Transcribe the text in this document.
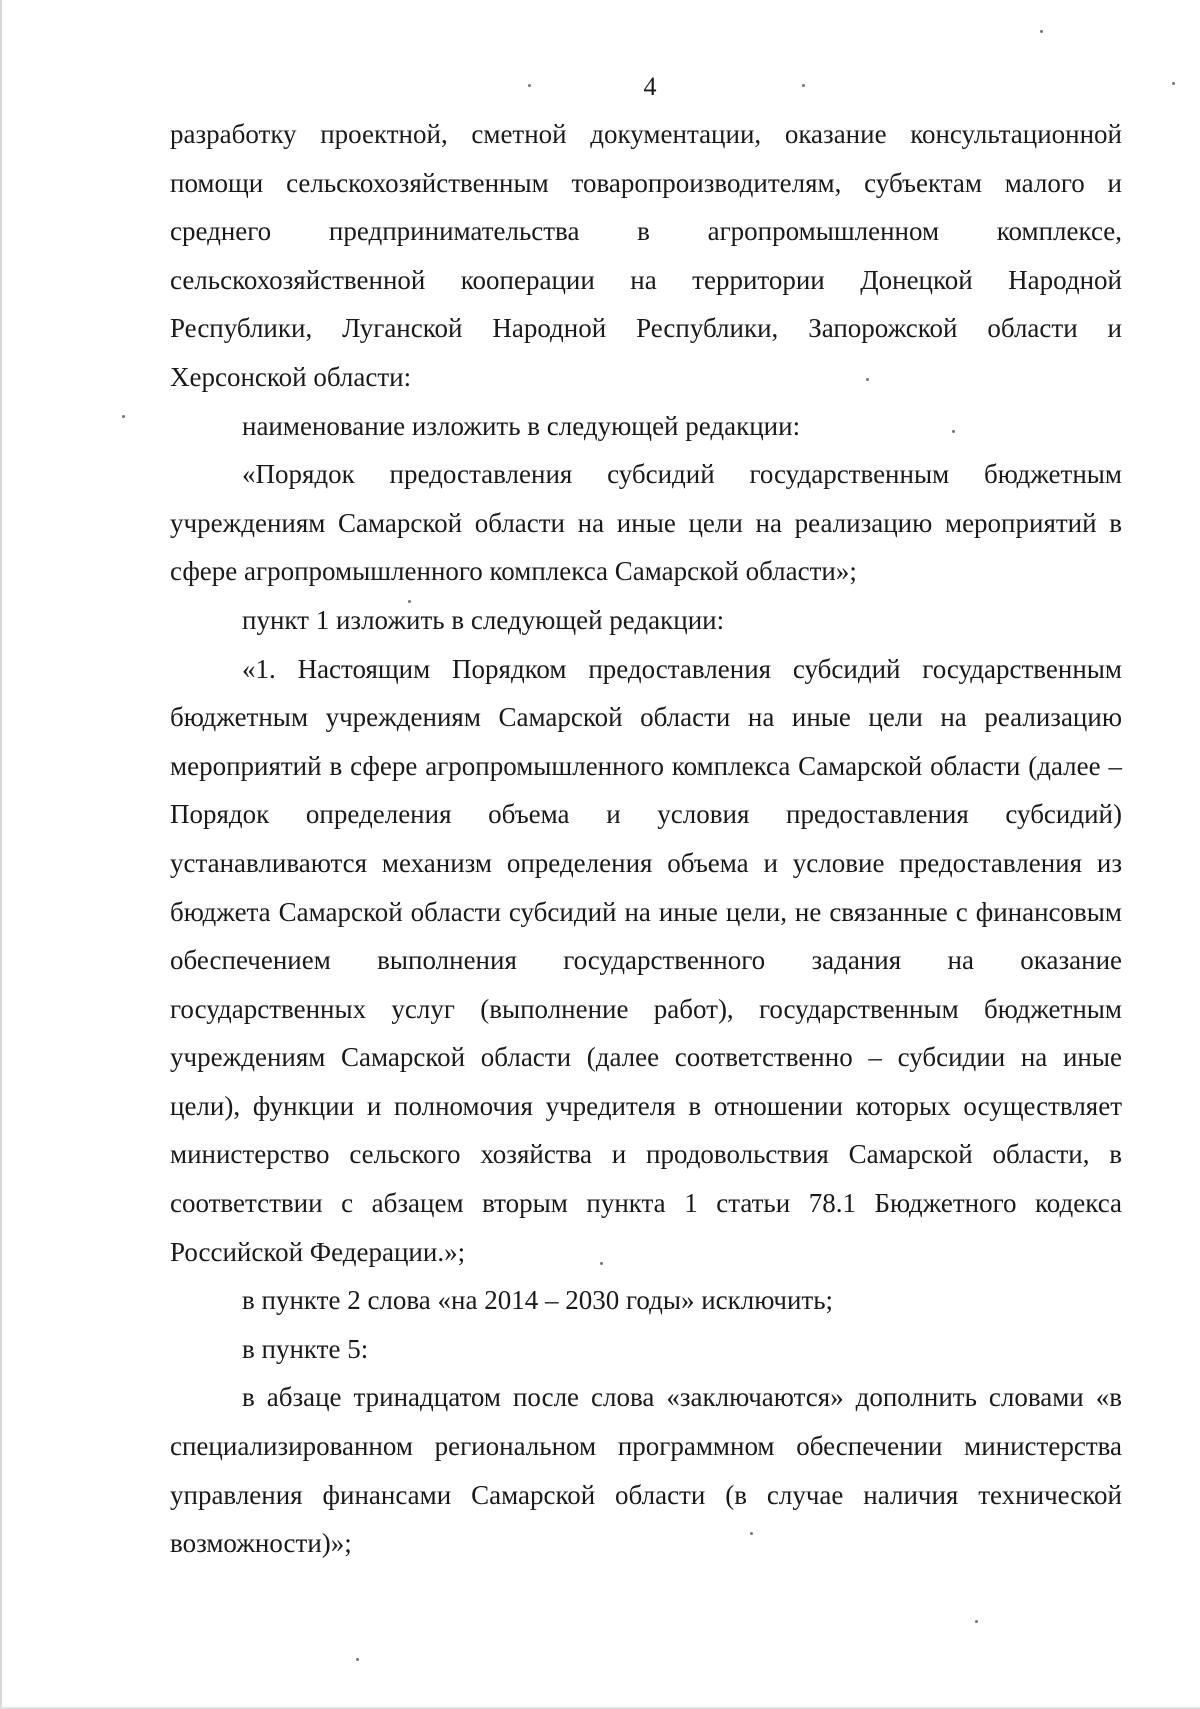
4

разработку проектной, сметной документации, оказание консультационной помощи сельскохозяйственным товаропроизводителям, субъектам малого и среднего предпринимательства в агропромышленном комплексе, сельскохозяйственной кооперации на территории Донецкой Народной Республики, Луганской Народной Республики, Запорожской области и Херсонской области:

наименование изложить в следующей редакции:

«Порядок предоставления субсидий государственным бюджетным учреждениям Самарской области на иные цели на реализацию мероприятий в сфере агропромышленного комплекса Самарской области»;

пункт 1 изложить в следующей редакции:

«1. Настоящим Порядком предоставления субсидий государственным бюджетным учреждениям Самарской области на иные цели на реализацию мероприятий в сфере агропромышленного комплекса Самарской области (далее – Порядок определения объема и условия предоставления субсидий) устанавливаются механизм определения объема и условие предоставления из бюджета Самарской области субсидий на иные цели, не связанные с финансовым обеспечением выполнения государственного задания на оказание государственных услуг (выполнение работ), государственным бюджетным учреждениям Самарской области (далее соответственно – субсидии на иные цели), функции и полномочия учредителя в отношении которых осуществляет министерство сельского хозяйства и продовольствия Самарской области, в соответствии с абзацем вторым пункта 1 статьи 78.1 Бюджетного кодекса Российской Федерации.»;

в пункте 2 слова «на 2014 – 2030 годы» исключить;

в пункте 5:

в абзаце тринадцатом после слова «заключаются» дополнить словами «в специализированном региональном программном обеспечении министерства управления финансами Самарской области (в случае наличия технической возможности)»;
